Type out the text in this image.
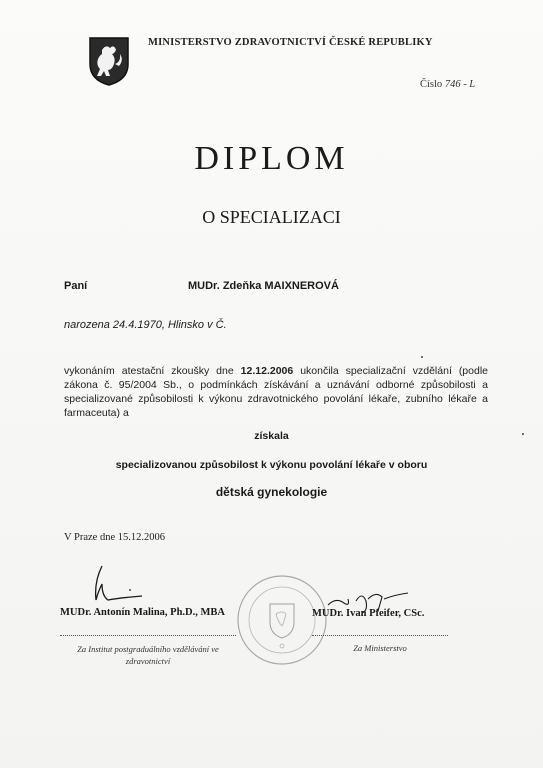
MINISTERSTVO ZDRAVOTNICTVÍ ČESKÉ REPUBLIKY
Číslo 746 - L
DIPLOM
O SPECIALIZACI
Paní	MUDr. Zdeňka MAIXNEROVÁ
narozena 24.4.1970, Hlinsko v Č.
vykonáním atestační zkoušky dne 12.12.2006 ukončila specializační vzdělání (podle zákona č. 95/2004 Sb., o podmínkách získávání a uznávání odborné způsobilosti a specializované způsobilosti k výkonu zdravotnického povolání lékaře, zubního lékaře a farmaceuta) a
získala
specializovanou způsobilost k výkonu povolání lékaře v oboru
dětská gynekologie
V Praze dne 15.12.2006
MUDr. Antonín Malina, Ph.D., MBA	MUDr. Ivan Pfeifer, CSc.
Za Institut postgraduálního vzdělávání ve zdravotnictví
Za Ministerstvo
